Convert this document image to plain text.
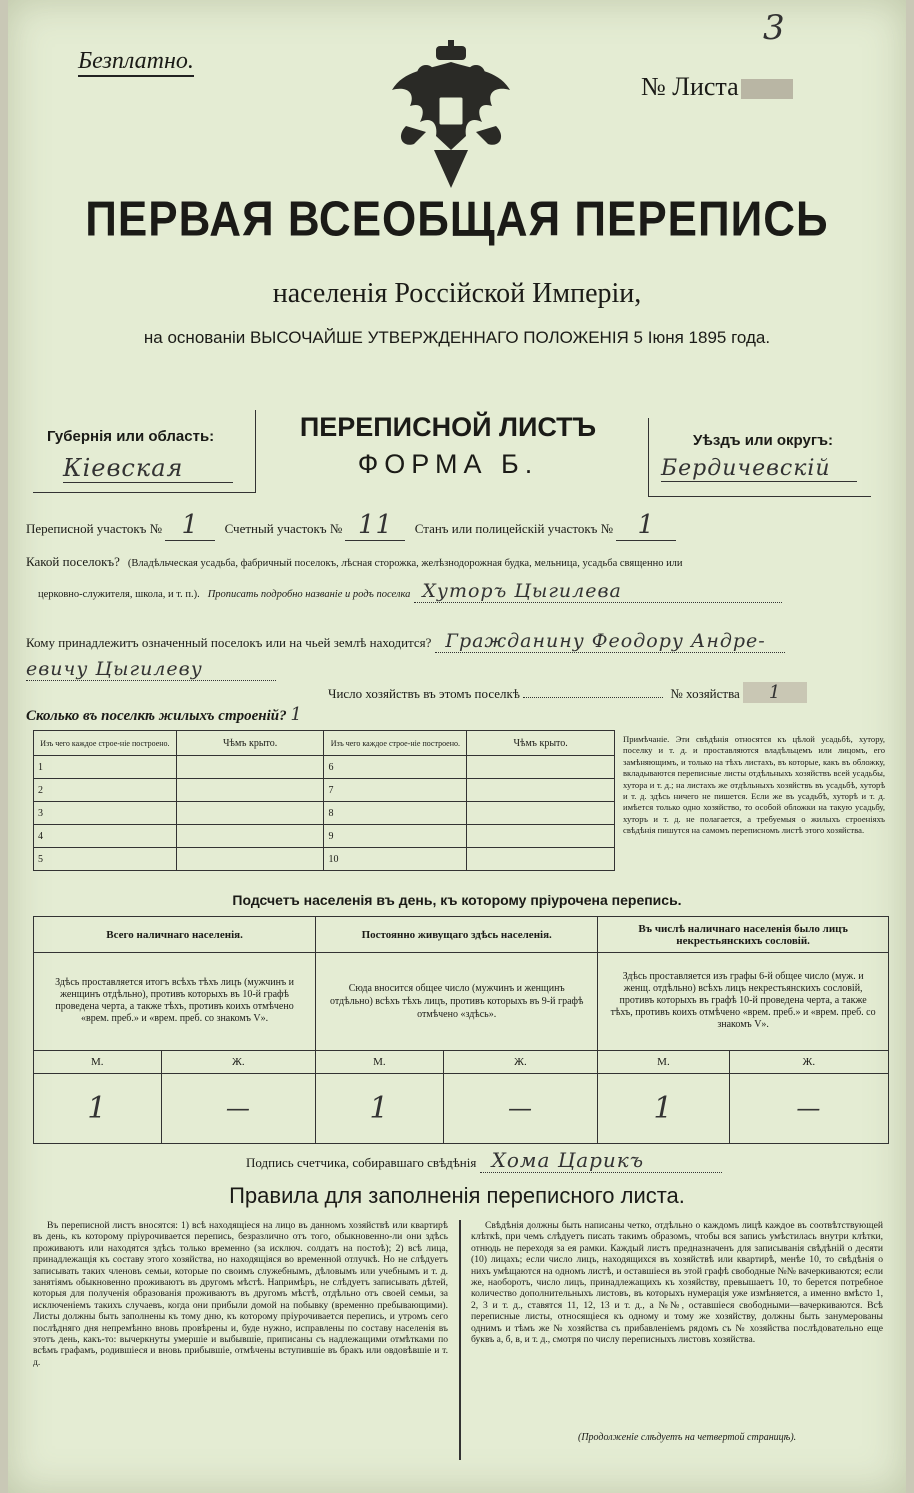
3
Безплатно.
№ Листа
ПЕРВАЯ ВСЕОБЩАЯ ПЕРЕПИСЬ
населенія Россійской Имперіи,
на основаніи ВЫСОЧАЙШЕ УТВЕРЖДЕННАГО ПОЛОЖЕНІЯ 5 Іюня 1895 года.
Губернія или область:
Кіевская
ПЕРЕПИСНОЙ ЛИСТЪ
ФОРМА Б.
Уѣздъ или округъ:
Бердичевскій
Переписной участокъ № 1 Счетный участокъ № 11 Станъ или полицейскій участокъ № 1
Какой поселокъ? (Владѣльческая усадьба, фабричный поселокъ, лѣсная сторожка, желѣзнодорожная будка, мельница, усадьба священно или
церковно-служителя, школа, и т. п.). Прописать подробно названіе и родъ поселка Хуторъ Цыгилева
Кому принадлежитъ означенный поселокъ или на чьей землѣ находится? Гражданину Феодору Андре-
евичу Цыгилеву
Число хозяйствъ въ этомъ поселкѣ	№ хозяйства 1
Сколько въ поселкѣ жилыхъ строеній? 1
Изъ чего каждое строе-ніе построено.	Чѣмъ крыто.	Изъ чего каждое строе-ніе построено.	Чѣмъ крыто.
1		6	
2		7	
3		8	
4		9	
5		10	
Примѣчаніе. Эти свѣдѣнія относятся къ цѣлой усадьбѣ, хутору, поселку и т. д. и проставляются владѣльцемъ или лицомъ, его замѣняющимъ, и только на тѣхъ листахъ, въ которые, какъ въ обложку, вкладываются переписные листы отдѣльныхъ хозяйствъ всей усадьбы, хутора и т. д.; на листахъ же отдѣльныхъ хозяйствъ въ усадьбѣ, хуторѣ и т. д. здѣсь ничего не пишется. Если же въ усадьбѣ, хуторѣ и т. д. имѣется только одно хозяйство, то особой обложки на такую усадьбу, хуторъ и т. д. не полагается, а требуемыя о жилыхъ строеніяхъ свѣдѣнія пишутся на самомъ переписномъ листѣ этого хозяйства.
Подсчетъ населенія въ день, къ которому пріурочена перепись.
Всего наличнаго населенія.		Постоянно живущаго здѣсь населенія.		Въ числѣ наличнаго населенія было лицъ некрестьянскихъ сословій.	
Здѣсь проставляется итогъ всѣхъ тѣхъ лицъ (мужчинъ и женщинъ отдѣльно), противъ которыхъ въ 10-й графѣ проведена черта, а также тѣхъ, противъ коихъ отмѣчено «врем. преб.» и «врем. преб. со знакомъ V».		Сюда вносится общее число (мужчинъ и женщинъ отдѣльно) всѣхъ тѣхъ лицъ, противъ которыхъ въ 9-й графѣ отмѣчено «здѣсь».		Здѣсь проставляется изъ графы 6-й общее число (муж. и женщ. отдѣльно) всѣхъ лицъ некрестьянскихъ сословій, противъ которыхъ въ графѣ 10-й проведена черта, а также тѣхъ, противъ коихъ отмѣчено «врем. преб.» и «врем. преб. со знакомъ V».	
М.	Ж.	М.	Ж.	М.	Ж.
1	—	1	—	1	—
Подпись счетчика, собиравшаго свѣдѣнія Хома Царикъ
Правила для заполненія переписного листа.
Въ переписной листъ вносятся: 1) всѣ находящіеся на лицо въ данномъ хозяйствѣ или квартирѣ въ день, къ которому пріурочивается перепись, безразлично отъ того, обыкновенно-ли они здѣсь проживаютъ или находятся здѣсь только временно (за исключ. солдатъ на постоѣ); 2) всѣ лица, принадлежащія къ составу этого хозяйства, но находящіяся во временной отлучкѣ. Но не слѣдуетъ записывать таких членовъ семьи, которые по своимъ служебнымъ, дѣловымъ или учебнымъ и т. д. занятіямъ обыкновенно проживаютъ въ другомъ мѣстѣ. Напримѣръ, не слѣдуетъ записывать дѣтей, которыя для полученія образованія проживаютъ въ другомъ мѣстѣ, отдѣльно отъ своей семьи, за исключеніемъ такихъ случаевъ, когда они прибыли домой на побывку (временно пребывающими). Листы должны быть заполнены къ тому дню, къ которому пріурочивается перепись, и утромъ сего послѣдняго дня непремѣнно вновь провѣрены и, буде нужно, исправлены по составу населенія въ этотъ день, какъ-то: вычеркнуты умершіе и выбывшіе, приписаны съ надлежащими отмѣтками по всѣмъ графамъ, родившіеся и вновь прибывшіе, отмѣчены вступившіе въ бракъ или овдовѣвшіе и т. д.
Свѣдѣнія должны быть написаны четко, отдѣльно о каждомъ лицѣ каждое въ соотвѣтствующей клѣткѣ, при чемъ слѣдуетъ писать такимъ образомъ, чтобы вся запись умѣстилась внутри клѣтки, отнюдь не переходя за ея рамки. Каждый листъ предназначенъ для записыванія свѣдѣній о десяти (10) лицахъ; если число лицъ, находящихся въ хозяйствѣ или квартирѣ, менѣе 10, то свѣдѣнія о нихъ умѣщаются на одномъ листѣ, и оставшіеся въ этой графѣ свободные №№ вачеркиваются; если же, наоборотъ, число лицъ, принадлежащихъ къ хозяйству, превышаетъ 10, то берется потребное количество дополнительныхъ листовъ, въ которыхъ нумерація уже измѣняется, а именно вмѣсто 1, 2, 3 и т. д., ставятся 11, 12, 13 и т. д., а №№, оставшіеся свободными—вачеркиваются. Всѣ переписные листы, относящіеся къ одному и тому же хозяйству, должны быть занумерованы однимъ и тѣмъ же № хозяйства съ прибавленіемъ рядомъ съ № хозяйства послѣдовательно еще буквъ а, б, в, и т. д., смотря по числу переписныхъ листовъ хозяйства.
(Продолженіе слѣдуетъ на четвертой страницѣ).
